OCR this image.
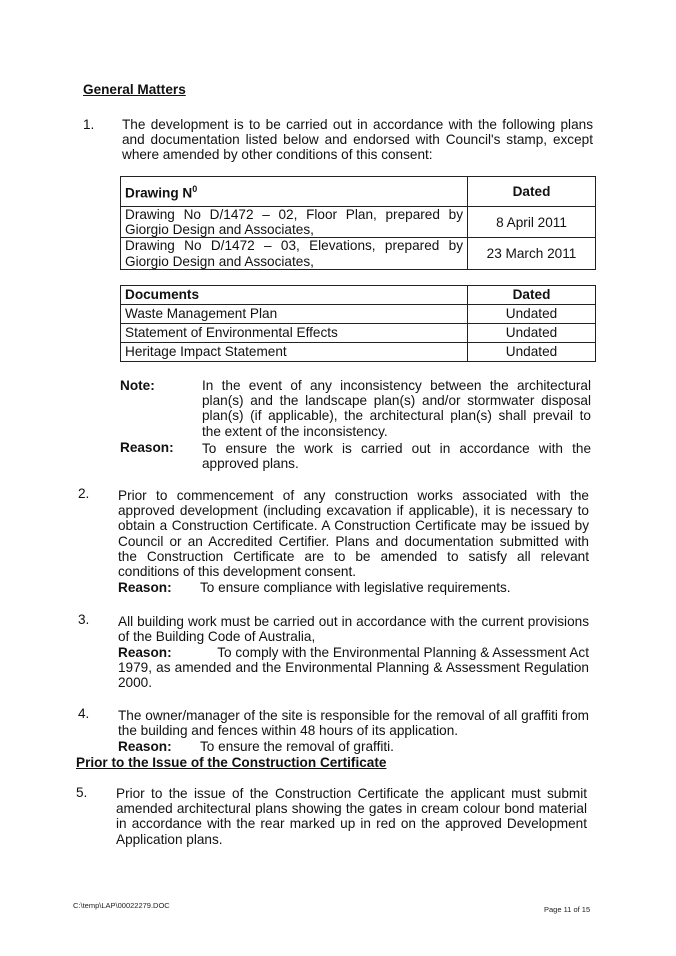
General Matters
1. The development is to be carried out in accordance with the following plans
and documentation listed below and endorsed with Council's stamp, except
where amended by other conditions of this consent:
Drawing $N^0$	Dated

Drawing No D/1472 – 02, Floor Plan, prepared by
Giorgio Design and Associates,	8 April 2011

Drawing No D/1472 – 03, Elevations, prepared by
Giorgio Design and Associates,	23 March 2011
Documents	Dated
Waste Management Plan	Undated
Statement of Environmental Effects	Undated
Heritage Impact Statement	Undated
Note:	In the event of any inconsistency between the architectural
plan(s) and the landscape plan(s) and/or stormwater disposal
plan(s) (if applicable), the architectural plan(s) shall prevail to
the extent of the inconsistency.
Reason: To ensure the work is carried out in accordance with the
approved plans.
2. Prior to commencement of any construction works associated with the
approved development (including excavation if applicable), it is necessary to
obtain a Construction Certificate. A Construction Certificate may be issued by
Council or an Accredited Certifier. Plans and documentation submitted with
the Construction Certificate are to be amended to satisfy all relevant
conditions of this development consent.
Reason: To ensure compliance with legislative requirements.
3. All building work must be carried out in accordance with the current provisions
of the Building Code of Australia,
Reason:	To comply with the Environmental Planning & Assessment Act
1979, as amended and the Environmental Planning & Assessment Regulation
2000.
4. The owner/manager of the site is responsible for the removal of all graffiti from
the building and fences within 48 hours of its application.
Reason: To ensure the removal of graffiti.
Prior to the Issue of the Construction Certificate
5. Prior to the issue of the Construction Certificate the applicant must submit
amended architectural plans showing the gates in cream colour bond material
in accordance with the rear marked up in red on the approved Development
Application plans.
C:\temp\LAP\00022279.DOC	Page 11 of 15
